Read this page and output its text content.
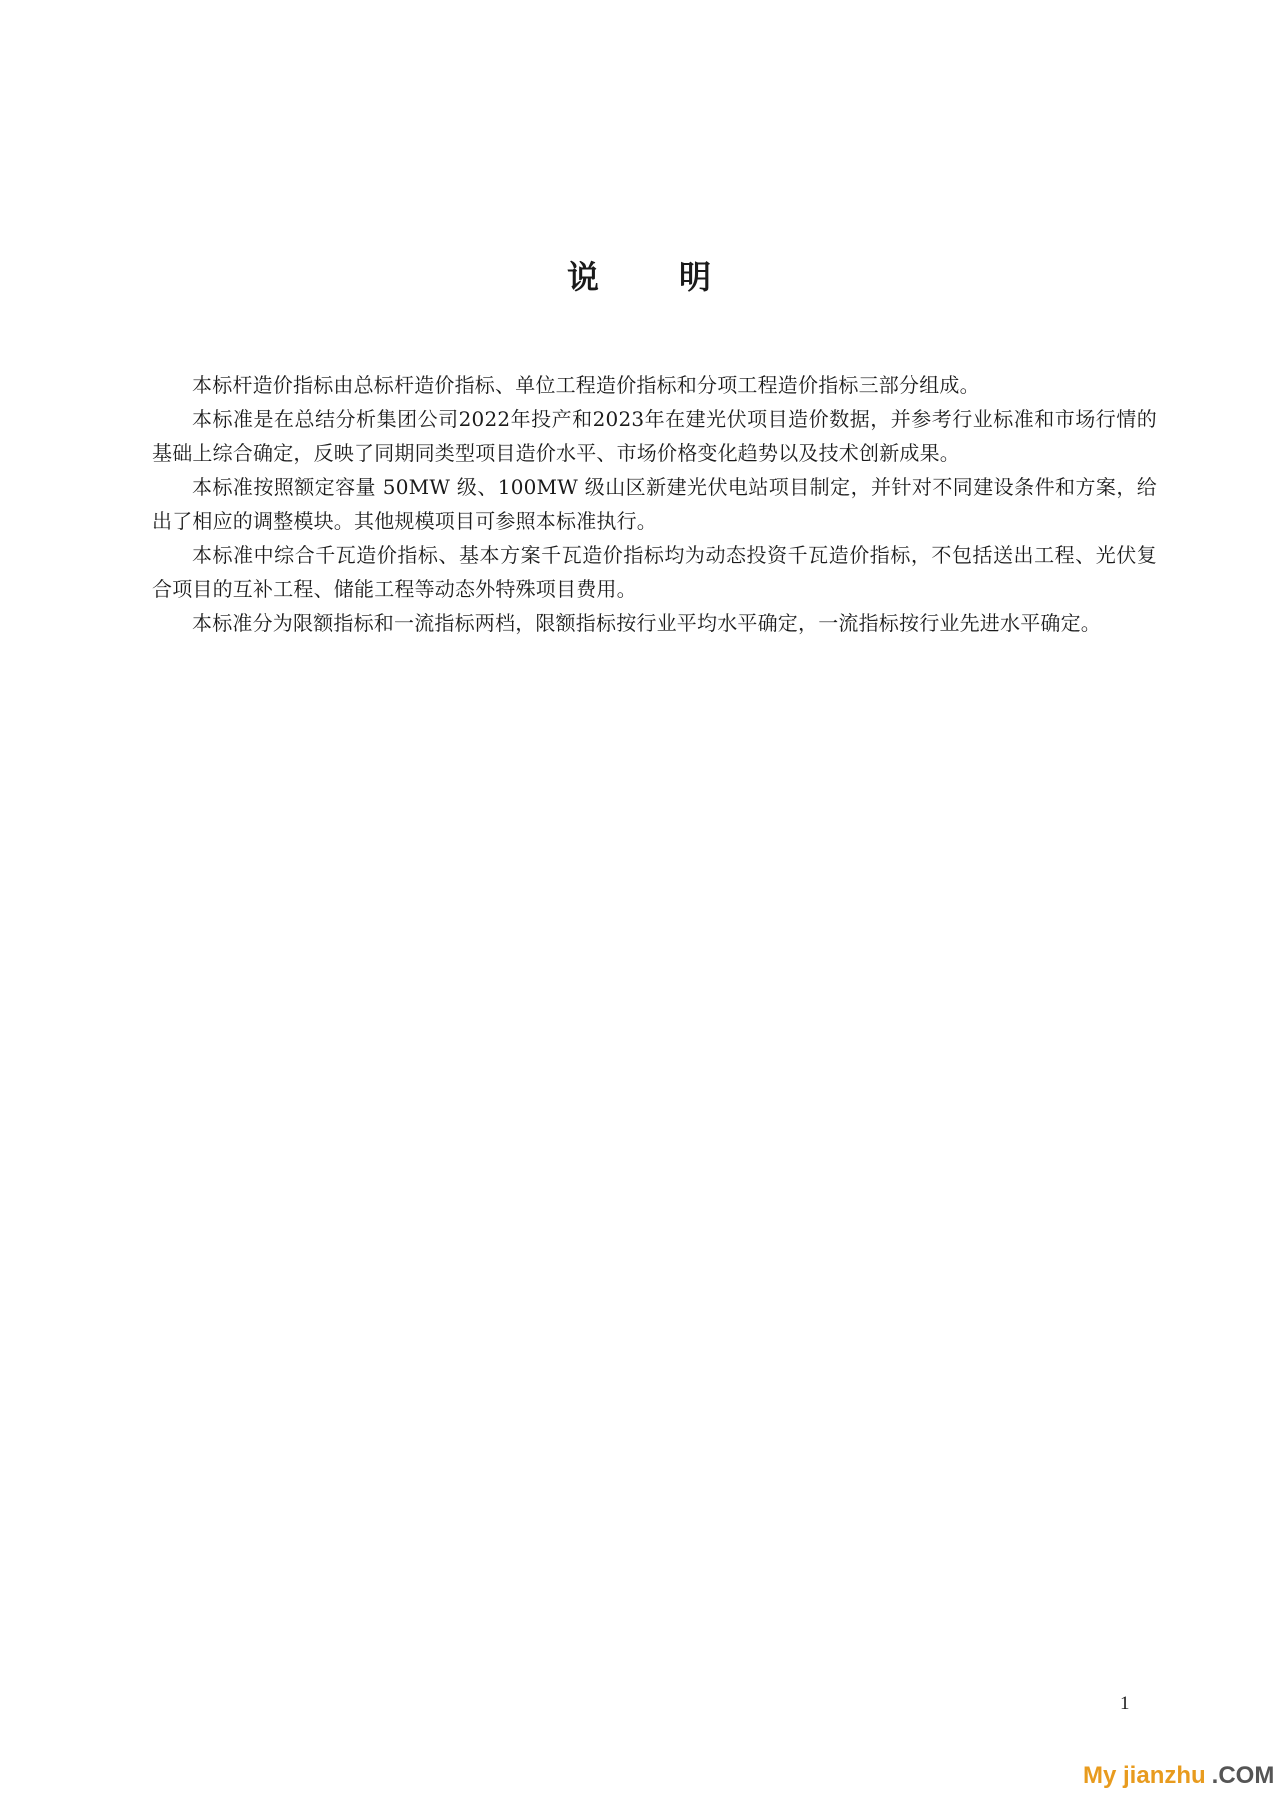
说 明

本标杆造价指标由总标杆造价指标、单位工程造价指标和分项工程造价指标三部分组成。

本标准是在总结分析集团公司2022年投产和2023年在建光伏项目造价数据，并参考行业标准和市场行情的基础上综合确定，反映了同期同类型项目造价水平、市场价格变化趋势以及技术创新成果。

本标准按照额定容量 50MW 级、100MW 级山区新建光伏电站项目制定，并针对不同建设条件和方案，给出了相应的调整模块。其他规模项目可参照本标准执行。

本标准中综合千瓦造价指标、基本方案千瓦造价指标均为动态投资千瓦造价指标，不包括送出工程、光伏复合项目的互补工程、储能工程等动态外特殊项目费用。

本标准分为限额指标和一流指标两档，限额指标按行业平均水平确定，一流指标按行业先进水平确定。

1
My jianzhu .COM
